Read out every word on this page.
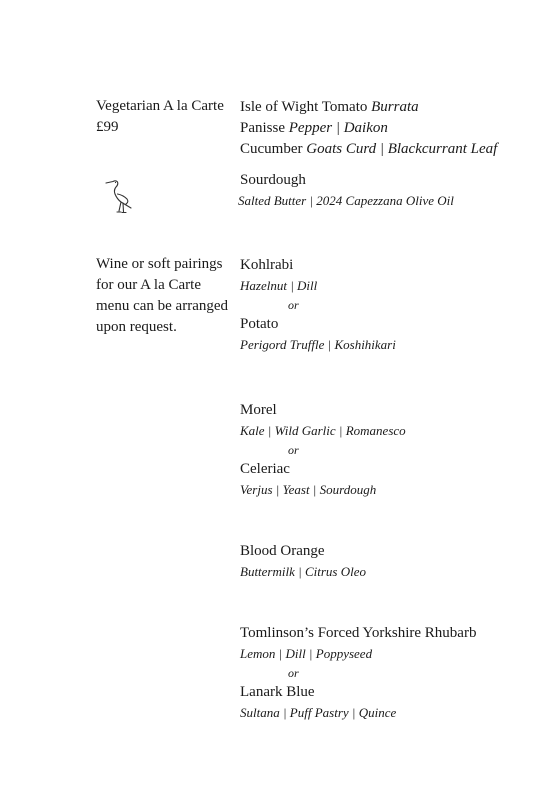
Vegetarian A la Carte
£99
Wine or soft pairings
for our A la Carte
menu can be arranged
upon request.
Isle of Wight Tomato Burrata
Panisse Pepper | Daikon
Cucumber Goats Curd | Blackcurrant Leaf
Sourdough
Salted Butter | 2024 Capezzana Olive Oil
Kohlrabi
Hazelnut | Dill
or
Potato
Perigord Truffle | Koshihikari
Morel
Kale | Wild Garlic | Romanesco
or
Celeriac
Verjus | Yeast | Sourdough
Blood Orange
Buttermilk | Citrus Oleo
Tomlinson’s Forced Yorkshire Rhubarb
Lemon | Dill | Poppyseed
or
Lanark Blue
Sultana | Puff Pastry | Quince
